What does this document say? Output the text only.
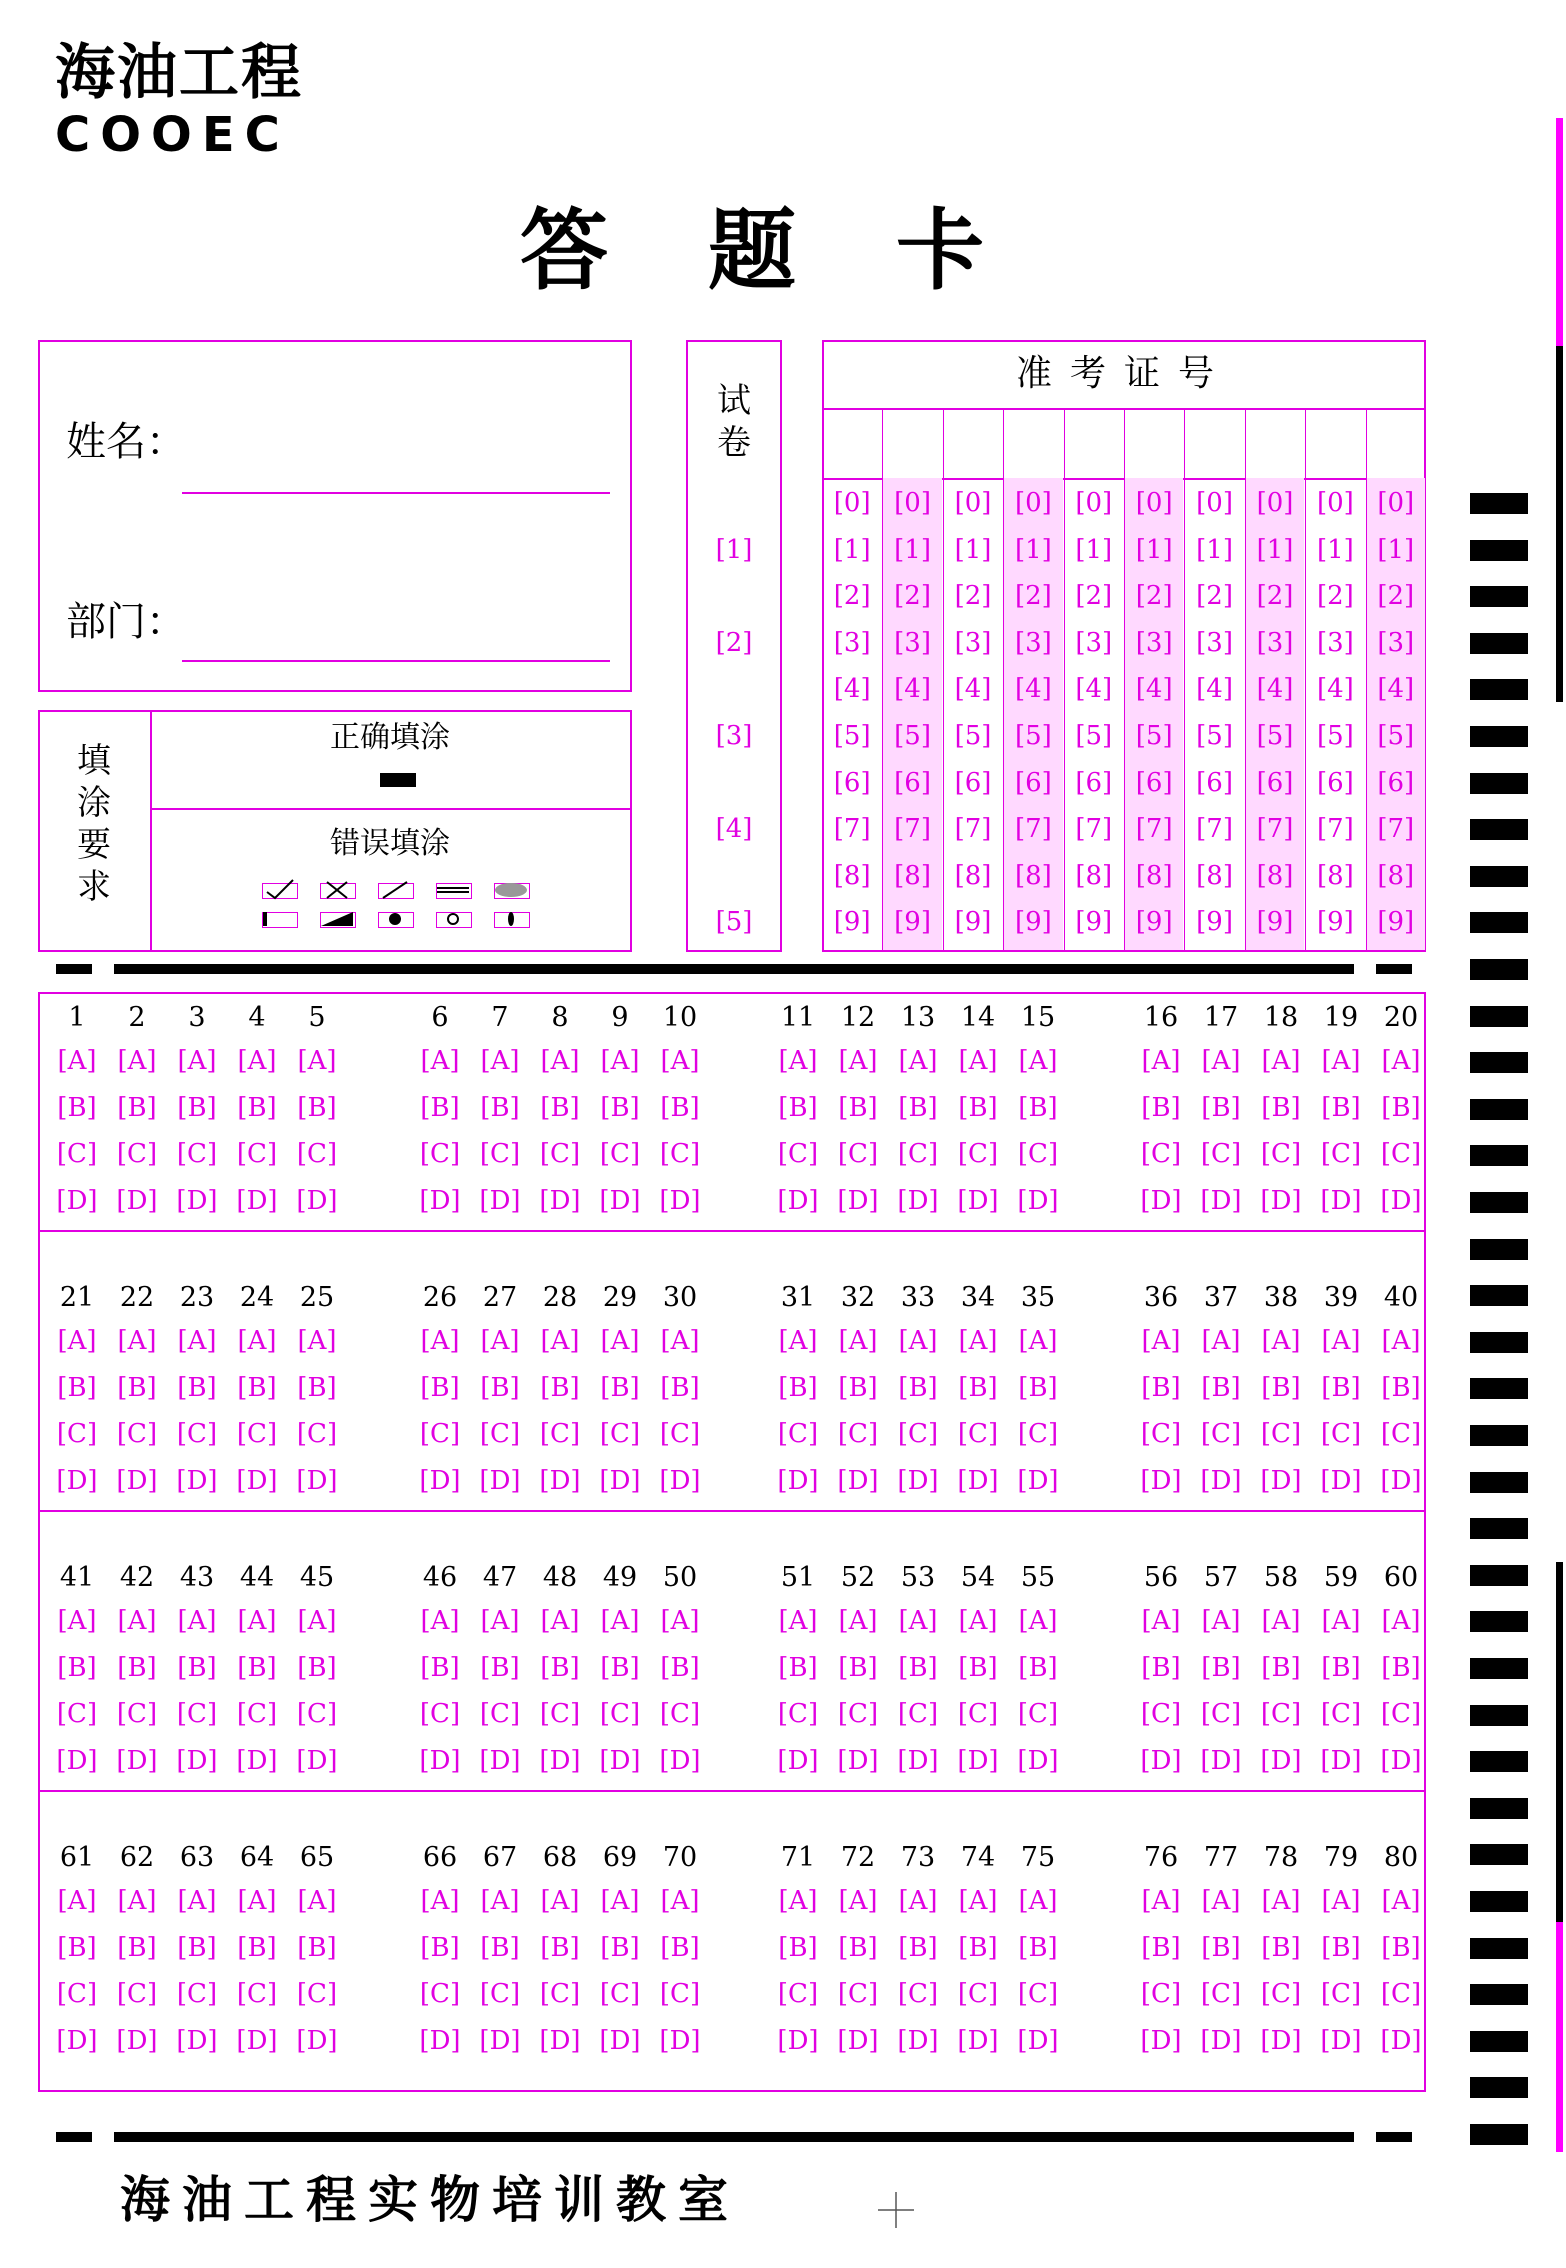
海油工程
COOEC
答题卡
姓名：
部门：
填
涂
要
求
正确填涂
错误填涂
试
卷
[1]
[2]
[3]
[4]
[5]
准考证号
[0]
[1]
[2]
[3]
[4]
[5]
[6]
[7]
[8]
[9]
[0]
[1]
[2]
[3]
[4]
[5]
[6]
[7]
[8]
[9]
[0]
[1]
[2]
[3]
[4]
[5]
[6]
[7]
[8]
[9]
[0]
[1]
[2]
[3]
[4]
[5]
[6]
[7]
[8]
[9]
[0]
[1]
[2]
[3]
[4]
[5]
[6]
[7]
[8]
[9]
[0]
[1]
[2]
[3]
[4]
[5]
[6]
[7]
[8]
[9]
[0]
[1]
[2]
[3]
[4]
[5]
[6]
[7]
[8]
[9]
[0]
[1]
[2]
[3]
[4]
[5]
[6]
[7]
[8]
[9]
[0]
[1]
[2]
[3]
[4]
[5]
[6]
[7]
[8]
[9]
[0]
[1]
[2]
[3]
[4]
[5]
[6]
[7]
[8]
[9]
1
[A]
[B]
[C]
[D]
2
[A]
[B]
[C]
[D]
3
[A]
[B]
[C]
[D]
4
[A]
[B]
[C]
[D]
5
[A]
[B]
[C]
[D]
6
[A]
[B]
[C]
[D]
7
[A]
[B]
[C]
[D]
8
[A]
[B]
[C]
[D]
9
[A]
[B]
[C]
[D]
10
[A]
[B]
[C]
[D]
11
[A]
[B]
[C]
[D]
12
[A]
[B]
[C]
[D]
13
[A]
[B]
[C]
[D]
14
[A]
[B]
[C]
[D]
15
[A]
[B]
[C]
[D]
16
[A]
[B]
[C]
[D]
17
[A]
[B]
[C]
[D]
18
[A]
[B]
[C]
[D]
19
[A]
[B]
[C]
[D]
20
[A]
[B]
[C]
[D]
21
[A]
[B]
[C]
[D]
22
[A]
[B]
[C]
[D]
23
[A]
[B]
[C]
[D]
24
[A]
[B]
[C]
[D]
25
[A]
[B]
[C]
[D]
26
[A]
[B]
[C]
[D]
27
[A]
[B]
[C]
[D]
28
[A]
[B]
[C]
[D]
29
[A]
[B]
[C]
[D]
30
[A]
[B]
[C]
[D]
31
[A]
[B]
[C]
[D]
32
[A]
[B]
[C]
[D]
33
[A]
[B]
[C]
[D]
34
[A]
[B]
[C]
[D]
35
[A]
[B]
[C]
[D]
36
[A]
[B]
[C]
[D]
37
[A]
[B]
[C]
[D]
38
[A]
[B]
[C]
[D]
39
[A]
[B]
[C]
[D]
40
[A]
[B]
[C]
[D]
41
[A]
[B]
[C]
[D]
42
[A]
[B]
[C]
[D]
43
[A]
[B]
[C]
[D]
44
[A]
[B]
[C]
[D]
45
[A]
[B]
[C]
[D]
46
[A]
[B]
[C]
[D]
47
[A]
[B]
[C]
[D]
48
[A]
[B]
[C]
[D]
49
[A]
[B]
[C]
[D]
50
[A]
[B]
[C]
[D]
51
[A]
[B]
[C]
[D]
52
[A]
[B]
[C]
[D]
53
[A]
[B]
[C]
[D]
54
[A]
[B]
[C]
[D]
55
[A]
[B]
[C]
[D]
56
[A]
[B]
[C]
[D]
57
[A]
[B]
[C]
[D]
58
[A]
[B]
[C]
[D]
59
[A]
[B]
[C]
[D]
60
[A]
[B]
[C]
[D]
61
[A]
[B]
[C]
[D]
62
[A]
[B]
[C]
[D]
63
[A]
[B]
[C]
[D]
64
[A]
[B]
[C]
[D]
65
[A]
[B]
[C]
[D]
66
[A]
[B]
[C]
[D]
67
[A]
[B]
[C]
[D]
68
[A]
[B]
[C]
[D]
69
[A]
[B]
[C]
[D]
70
[A]
[B]
[C]
[D]
71
[A]
[B]
[C]
[D]
72
[A]
[B]
[C]
[D]
73
[A]
[B]
[C]
[D]
74
[A]
[B]
[C]
[D]
75
[A]
[B]
[C]
[D]
76
[A]
[B]
[C]
[D]
77
[A]
[B]
[C]
[D]
78
[A]
[B]
[C]
[D]
79
[A]
[B]
[C]
[D]
80
[A]
[B]
[C]
[D]
海油工程实物培训教室
